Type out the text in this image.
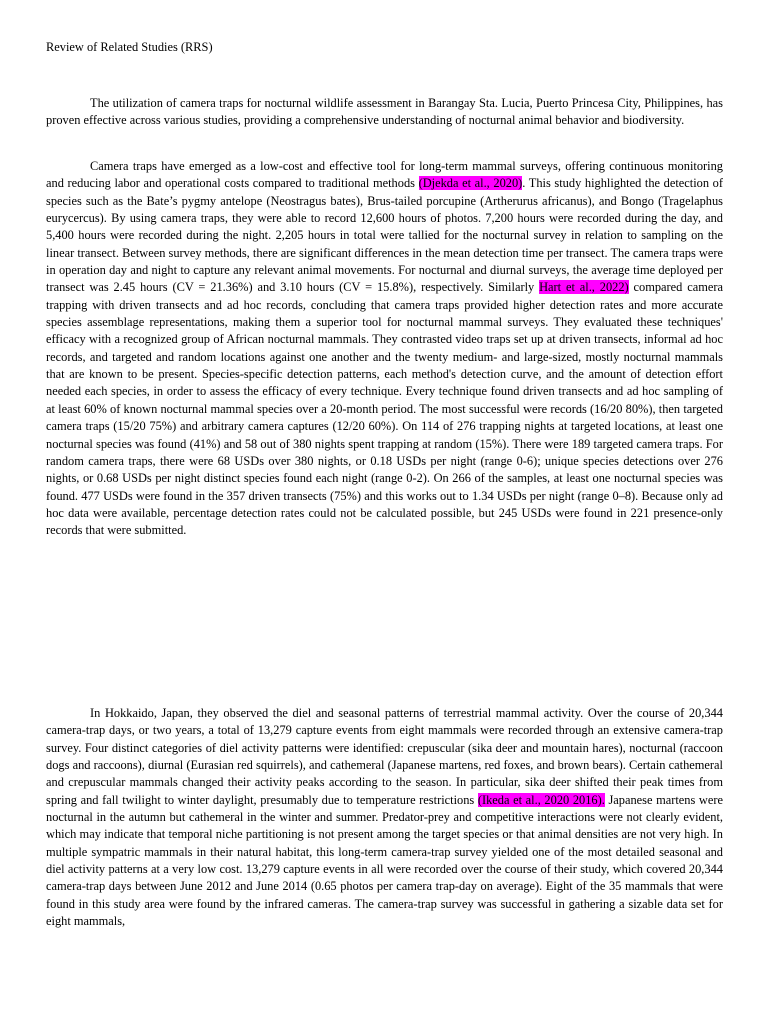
Review of Related Studies (RRS)

The utilization of camera traps for nocturnal wildlife assessment in Barangay Sta. Lucia, Puerto Princesa City, Philippines, has proven effective across various studies, providing a comprehensive understanding of nocturnal animal behavior and biodiversity.

Camera traps have emerged as a low-cost and effective tool for long-term mammal surveys, offering continuous monitoring and reducing labor and operational costs compared to traditional methods (Djekda et al., 2020). This study highlighted the detection of species such as the Bate’s pygmy antelope (Neostragus bates), Brus-tailed porcupine (Artherurus africanus), and Bongo (Tragelaphus eurycercus). By using camera traps, they were able to record 12,600 hours of photos. 7,200 hours were recorded during the day, and 5,400 hours were recorded during the night. 2,205 hours in total were tallied for the nocturnal survey in relation to sampling on the linear transect. Between survey methods, there are significant differences in the mean detection time per transect. The camera traps were in operation day and night to capture any relevant animal movements. For nocturnal and diurnal surveys, the average time deployed per transect was 2.45 hours (CV = 21.36%) and 3.10 hours (CV = 15.8%), respectively. Similarly Hart et al., 2022) compared camera trapping with driven transects and ad hoc records, concluding that camera traps provided higher detection rates and more accurate species assemblage representations, making them a superior tool for nocturnal mammal surveys. They evaluated these techniques' efficacy with a recognized group of African nocturnal mammals. They contrasted video traps set up at driven transects, informal ad hoc records, and targeted and random locations against one another and the twenty medium- and large-sized, mostly nocturnal mammals that are known to be present. Species-specific detection patterns, each method's detection curve, and the amount of detection effort needed each species, in order to assess the efficacy of every technique. Every technique found driven transects and ad hoc sampling of at least 60% of known nocturnal mammal species over a 20-month period. The most successful were records (16/20 80%), then targeted camera traps (15/20 75%) and arbitrary camera captures (12/20 60%). On 114 of 276 trapping nights at targeted locations, at least one nocturnal species was found (41%) and 58 out of 380 nights spent trapping at random (15%). There were 189 targeted camera traps. For random camera traps, there were 68 USDs over 380 nights, or 0.18 USDs per night (range 0-6); unique species detections over 276 nights, or 0.68 USDs per night distinct species found each night (range 0-2). On 266 of the samples, at least one nocturnal species was found. 477 USDs were found in the 357 driven transects (75%) and this works out to 1.34 USDs per night (range 0–8). Because only ad hoc data were available, percentage detection rates could not be calculated possible, but 245 USDs were found in 221 presence-only records that were submitted.

In Hokkaido, Japan, they observed the diel and seasonal patterns of terrestrial mammal activity. Over the course of 20,344 camera-trap days, or two years, a total of 13,279 capture events from eight mammals were recorded through an extensive camera-trap survey. Four distinct categories of diel activity patterns were identified: crepuscular (sika deer and mountain hares), nocturnal (raccoon dogs and raccoons), diurnal (Eurasian red squirrels), and cathemeral (Japanese martens, red foxes, and brown bears). Certain cathemeral and crepuscular mammals changed their activity peaks according to the season. In particular, sika deer shifted their peak times from spring and fall twilight to winter daylight, presumably due to temperature restrictions (Ikeda et al., 2020 2016). Japanese martens were nocturnal in the autumn but cathemeral in the winter and summer. Predator-prey and competitive interactions were not clearly evident, which may indicate that temporal niche partitioning is not present among the target species or that animal densities are not very high. In multiple sympatric mammals in their natural habitat, this long-term camera-trap survey yielded one of the most detailed seasonal and diel activity patterns at a very low cost. 13,279 capture events in all were recorded over the course of their study, which covered 20,344 camera-trap days between June 2012 and June 2014 (0.65 photos per camera trap-day on average). Eight of the 35 mammals that were found in this study area were found by the infrared cameras. The camera-trap survey was successful in gathering a sizable data set for eight mammals,
